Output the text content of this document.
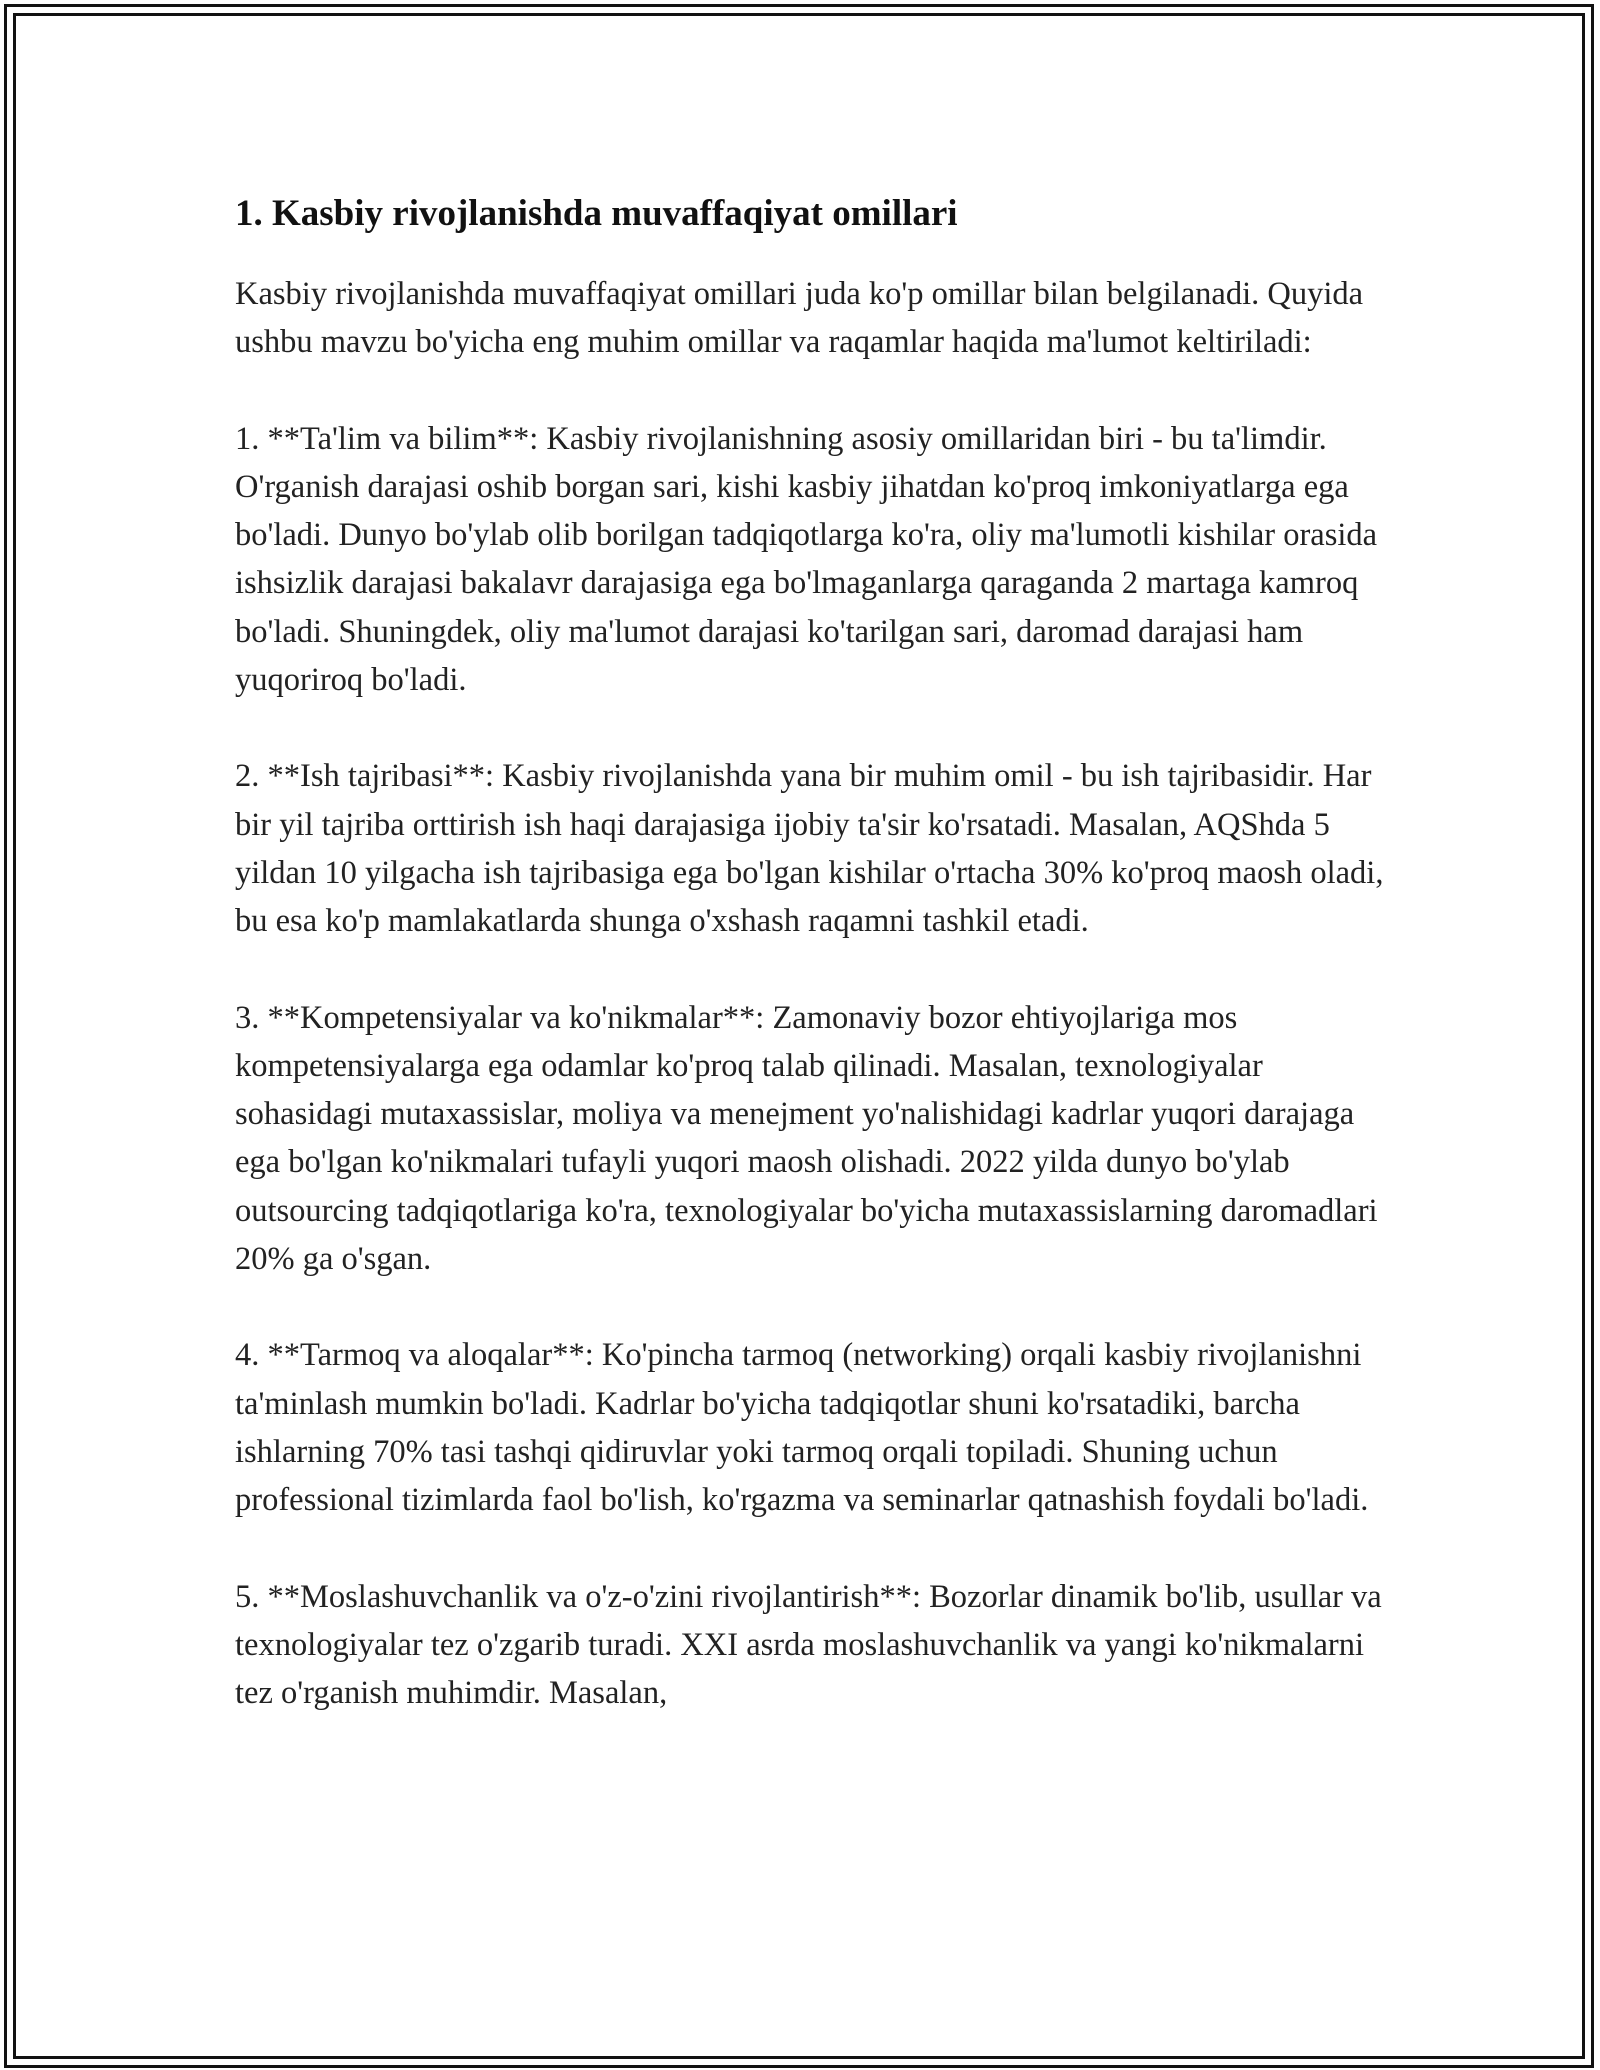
1. Kasbiy rivojlanishda muvaffaqiyat omillari

Kasbiy rivojlanishda muvaffaqiyat omillari juda ko'p omillar bilan belgilanadi. Quyida ushbu mavzu bo'yicha eng muhim omillar va raqamlar haqida ma'lumot keltiriladi:

1. **Ta'lim va bilim**: Kasbiy rivojlanishning asosiy omillaridan biri - bu ta'limdir. O'rganish darajasi oshib borgan sari, kishi kasbiy jihatdan ko'proq imkoniyatlarga ega bo'ladi. Dunyo bo'ylab olib borilgan tadqiqotlarga ko'ra, oliy ma'lumotli kishilar orasida ishsizlik darajasi bakalavr darajasiga ega bo'lmaganlarga qaraganda 2 martaga kamroq bo'ladi. Shuningdek, oliy ma'lumot darajasi ko'tarilgan sari, daromad darajasi ham yuqoriroq bo'ladi.

2. **Ish tajribasi**: Kasbiy rivojlanishda yana bir muhim omil - bu ish tajribasidir. Har bir yil tajriba orttirish ish haqi darajasiga ijobiy ta'sir ko'rsatadi. Masalan, AQShda 5 yildan 10 yilgacha ish tajribasiga ega bo'lgan kishilar o'rtacha 30% ko'proq maosh oladi, bu esa ko'p mamlakatlarda shunga o'xshash raqamni tashkil etadi.

3. **Kompetensiyalar va ko'nikmalar**: Zamonaviy bozor ehtiyojlariga mos kompetensiyalarga ega odamlar ko'proq talab qilinadi. Masalan, texnologiyalar sohasidagi mutaxassislar, moliya va menejment yo'nalishidagi kadrlar yuqori darajaga ega bo'lgan ko'nikmalari tufayli yuqori maosh olishadi. 2022 yilda dunyo bo'ylab outsourcing tadqiqotlariga ko'ra, texnologiyalar bo'yicha mutaxassislarning daromadlari 20% ga o'sgan.

4. **Tarmoq va aloqalar**: Ko'pincha tarmoq (networking) orqali kasbiy rivojlanishni ta'minlash mumkin bo'ladi. Kadrlar bo'yicha tadqiqotlar shuni ko'rsatadiki, barcha ishlarning 70% tasi tashqi qidiruvlar yoki tarmoq orqali topiladi. Shuning uchun professional tizimlarda faol bo'lish, ko'rgazma va seminarlar qatnashish foydali bo'ladi.

5. **Moslashuvchanlik va o'z-o'zini rivojlantirish**: Bozorlar dinamik bo'lib, usullar va texnologiyalar tez o'zgarib turadi. XXI asrda moslashuvchanlik va yangi ko'nikmalarni tez o'rganish muhimdir. Masalan,
